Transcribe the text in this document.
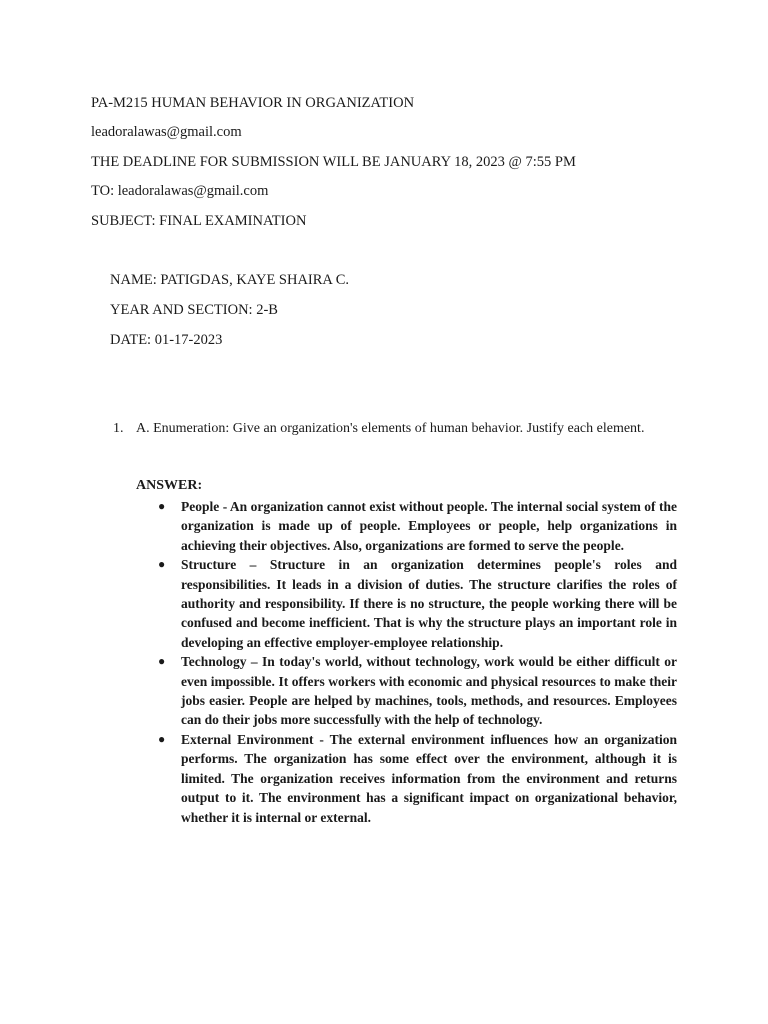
PA-M215 HUMAN BEHAVIOR IN ORGANIZATION
leadoralawas@gmail.com
THE DEADLINE FOR SUBMISSION WILL BE JANUARY 18, 2023 @ 7:55 PM
TO: leadoralawas@gmail.com
SUBJECT: FINAL EXAMINATION
NAME: PATIGDAS, KAYE SHAIRA C.
YEAR AND SECTION: 2-B
DATE: 01-17-2023
1. A. Enumeration: Give an organization's elements of human behavior. Justify each element.
ANSWER:
● People - An organization cannot exist without people. The internal social system of the organization is made up of people. Employees or people, help organizations in achieving their objectives. Also, organizations are formed to serve the people.
● Structure – Structure in an organization determines people's roles and responsibilities. It leads in a division of duties. The structure clarifies the roles of authority and responsibility. If there is no structure, the people working there will be confused and become inefficient. That is why the structure plays an important role in developing an effective employer-employee relationship.
● Technology – In today's world, without technology, work would be either difficult or even impossible. It offers workers with economic and physical resources to make their jobs easier. People are helped by machines, tools, methods, and resources. Employees can do their jobs more successfully with the help of technology.
● External Environment - The external environment influences how an organization performs. The organization has some effect over the environment, although it is limited. The organization receives information from the environment and returns output to it. The environment has a significant impact on organizational behavior, whether it is internal or external.
